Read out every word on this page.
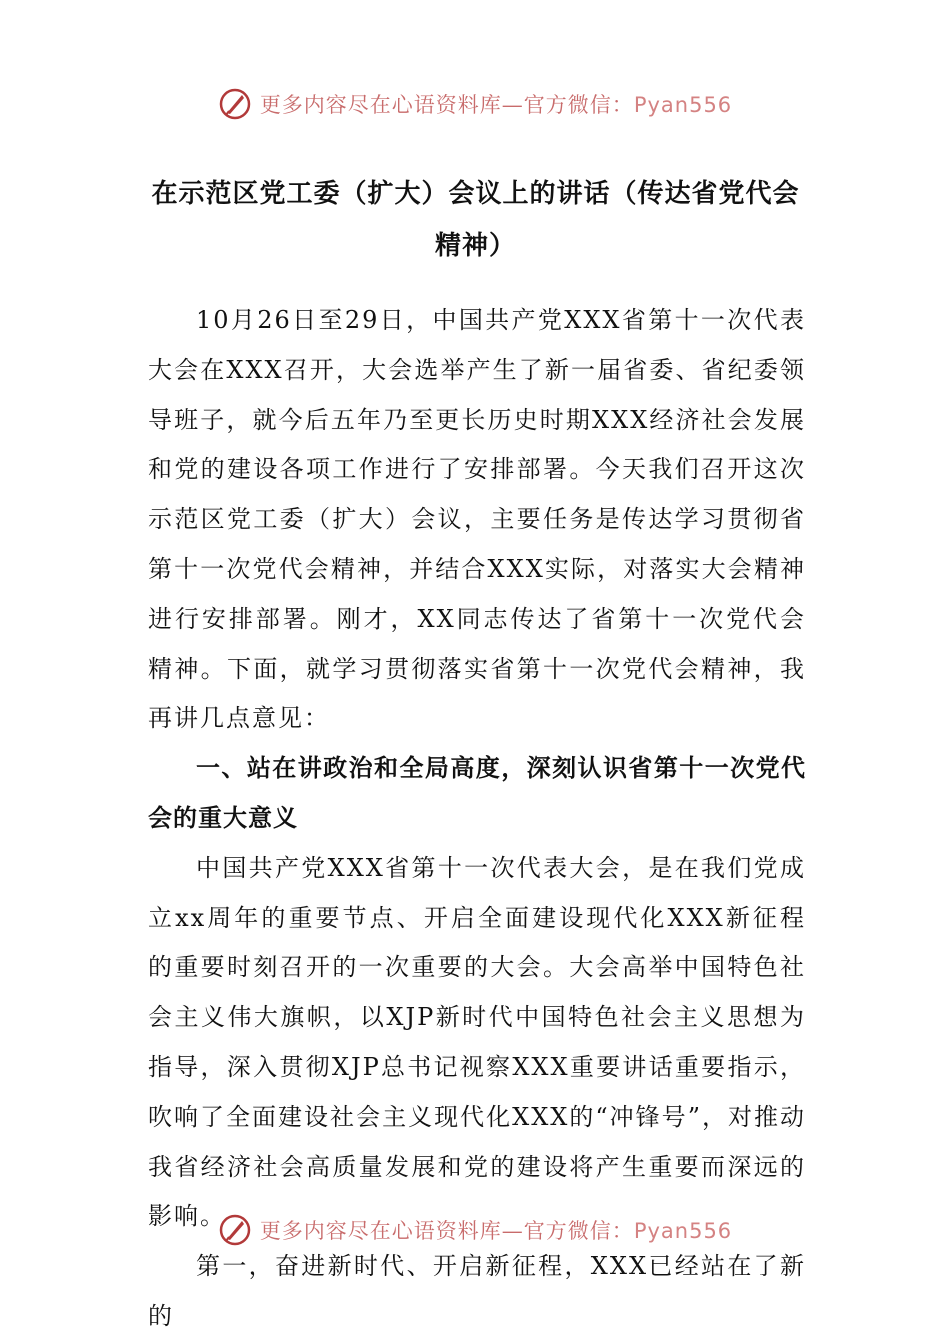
更多内容尽在心语资料库—官方微信：Pyan556
在示范区党工委（扩大）会议上的讲话（传达省党代会精神）

10月26日至29日，中国共产党XXX省第十一次代表大会在XXX召开，大会选举产生了新一届省委、省纪委领导班子，就今后五年乃至更长历史时期XXX经济社会发展和党的建设各项工作进行了安排部署。今天我们召开这次示范区党工委（扩大）会议，主要任务是传达学习贯彻省第十一次党代会精神，并结合XXX实际，对落实大会精神进行安排部署。刚才，XX同志传达了省第十一次党代会精神。下面，就学习贯彻落实省第十一次党代会精神，我再讲几点意见：

一、站在讲政治和全局高度，深刻认识省第十一次党代会的重大意义

中国共产党XXX省第十一次代表大会，是在我们党成立xx周年的重要节点、开启全面建设现代化XXX新征程的重要时刻召开的一次重要的大会。大会高举中国特色社会主义伟大旗帜，以XJP新时代中国特色社会主义思想为指导，深入贯彻XJP总书记视察XXX重要讲话重要指示，吹响了全面建设社会主义现代化XXX的“冲锋号”，对推动我省经济社会高质量发展和党的建设将产生重要而深远的影响。

第一，奋进新时代、开启新征程，XXX已经站在了新的

更多内容尽在心语资料库—官方微信：Pyan556
